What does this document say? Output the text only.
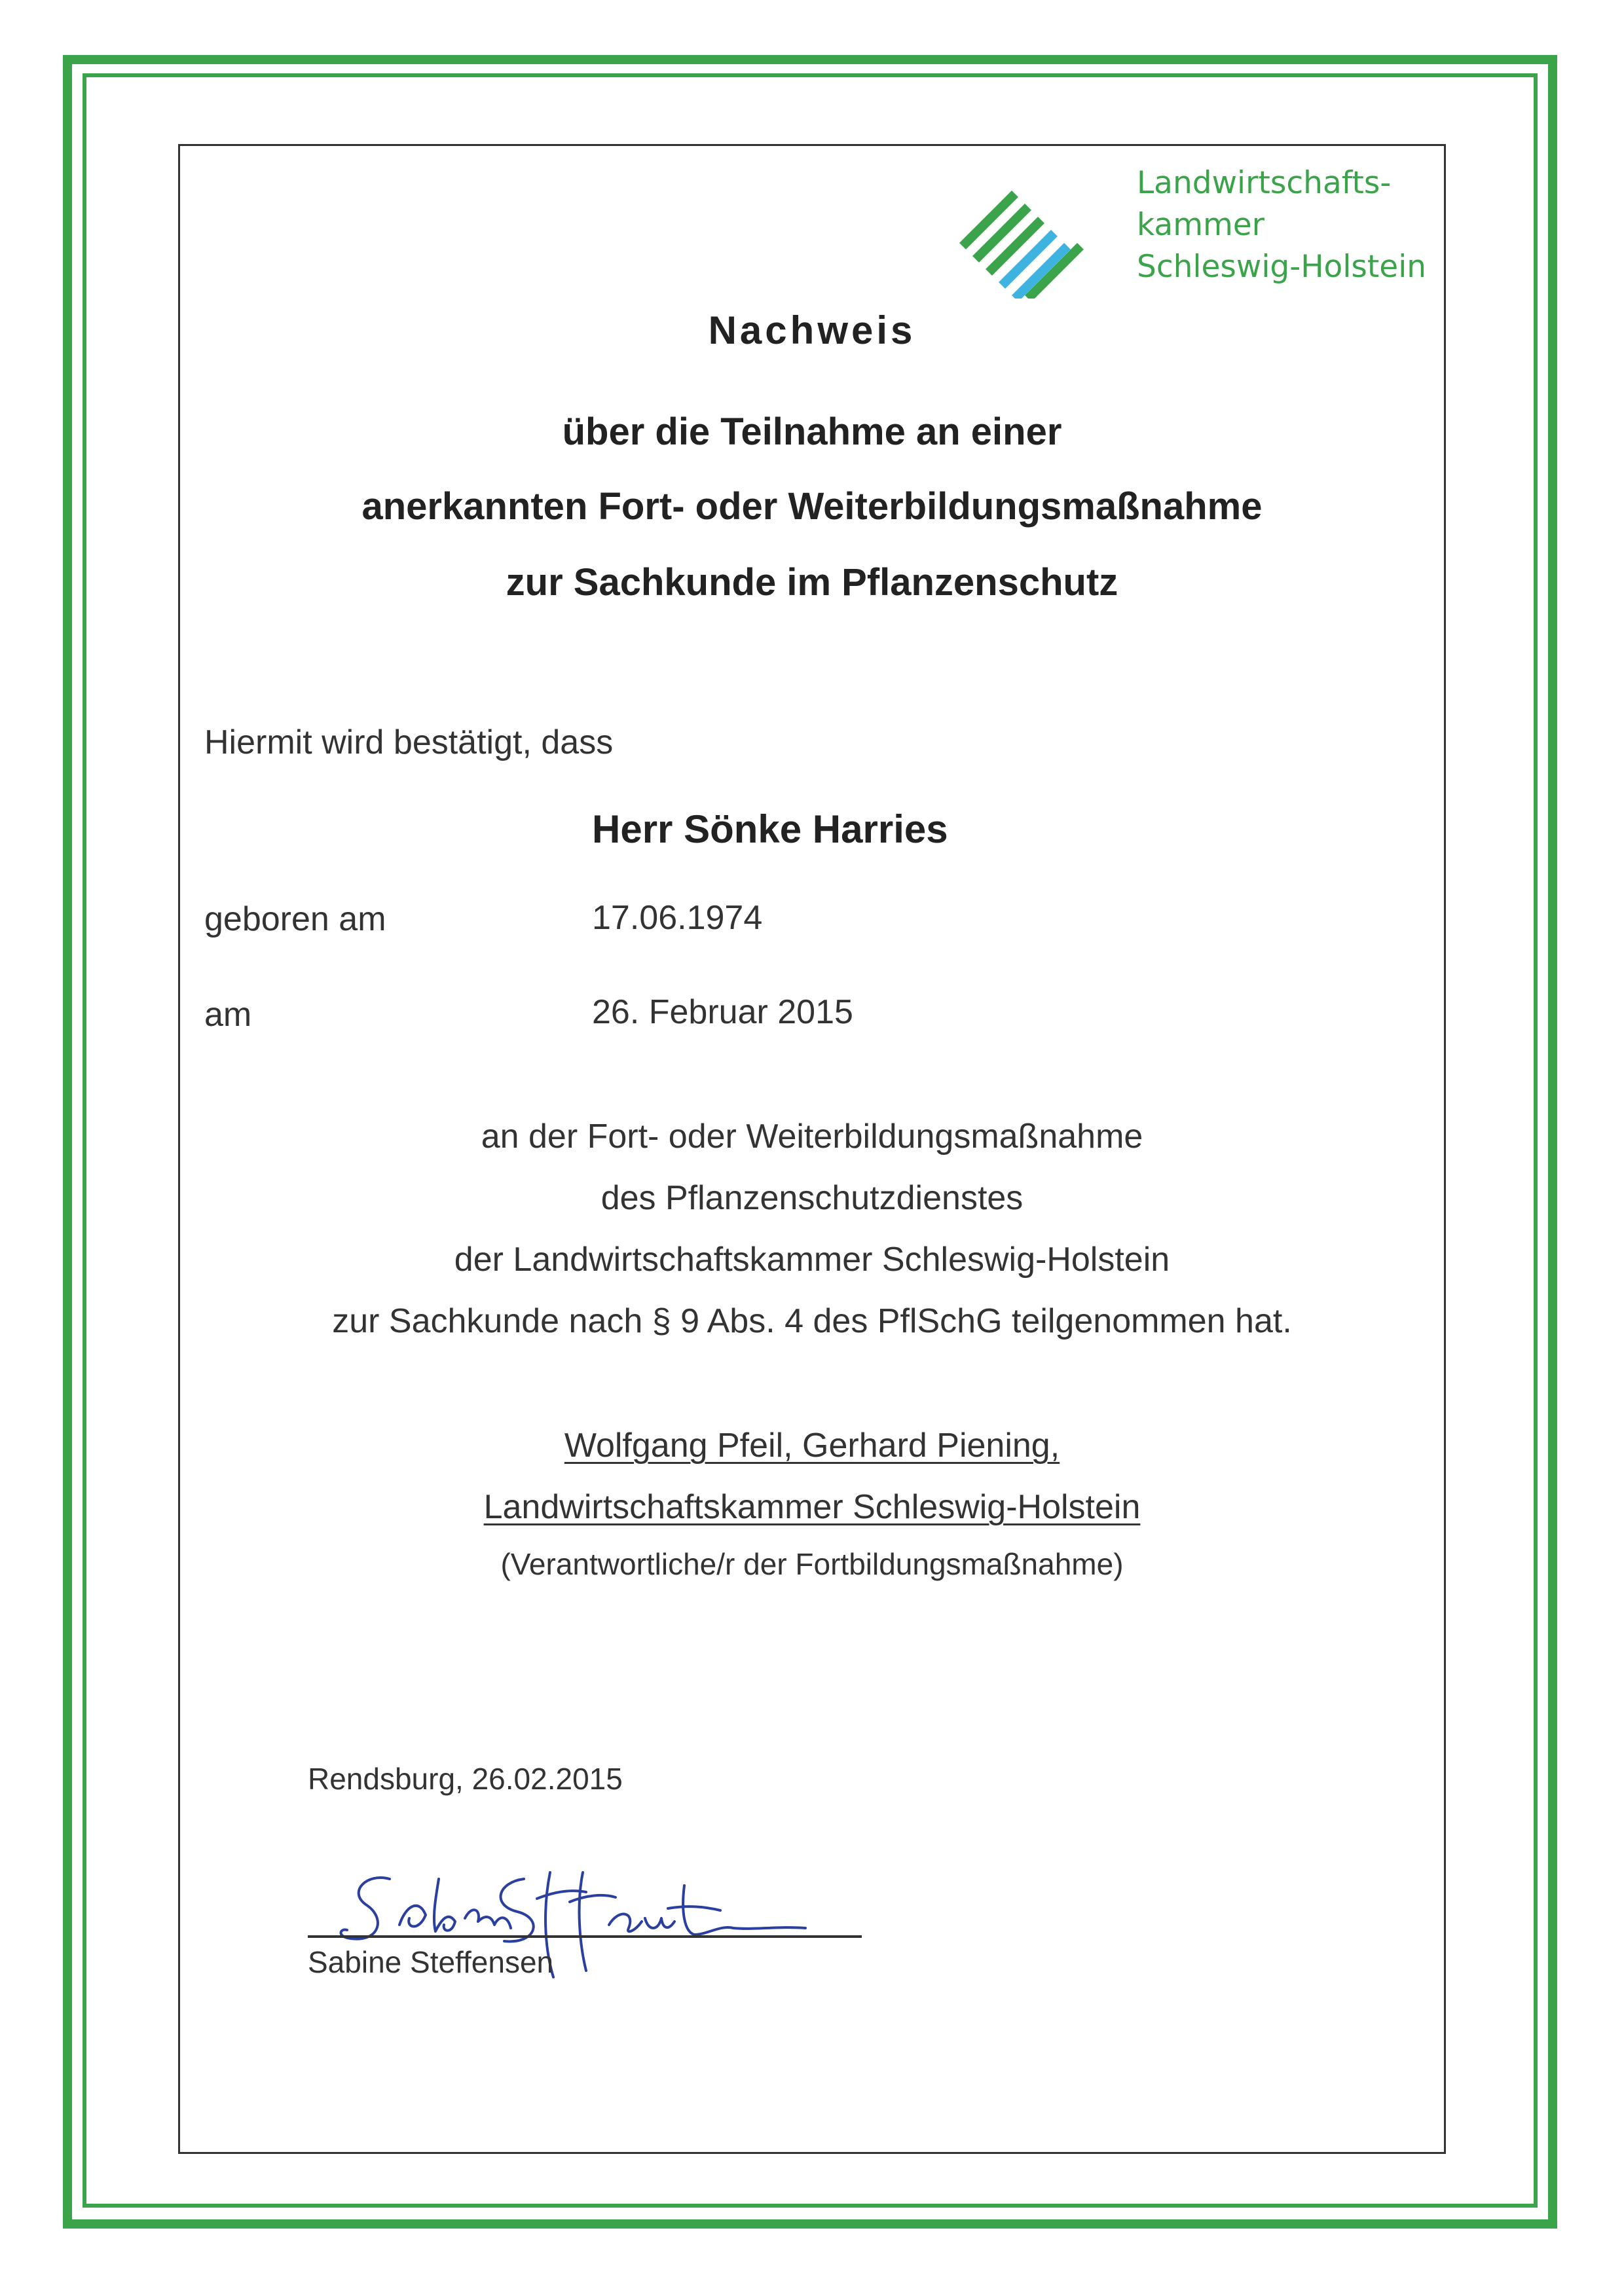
Landwirtschafts-
kammer
Schleswig-Holstein
Nachweis
über die Teilnahme an einer
anerkannten Fort- oder Weiterbildungsmaßnahme
zur Sachkunde im Pflanzenschutz
Hiermit wird bestätigt, dass
Herr Sönke Harries
geboren am	17.06.1974
am	26. Februar 2015
an der Fort- oder Weiterbildungsmaßnahme
des Pflanzenschutzdienstes
der Landwirtschaftskammer Schleswig-Holstein
zur Sachkunde nach § 9 Abs. 4 des PflSchG teilgenommen hat.
Wolfgang Pfeil, Gerhard Piening,
Landwirtschaftskammer Schleswig-Holstein
(Verantwortliche/r der Fortbildungsmaßnahme)
Rendsburg, 26.02.2015
Sabine Steffensen
